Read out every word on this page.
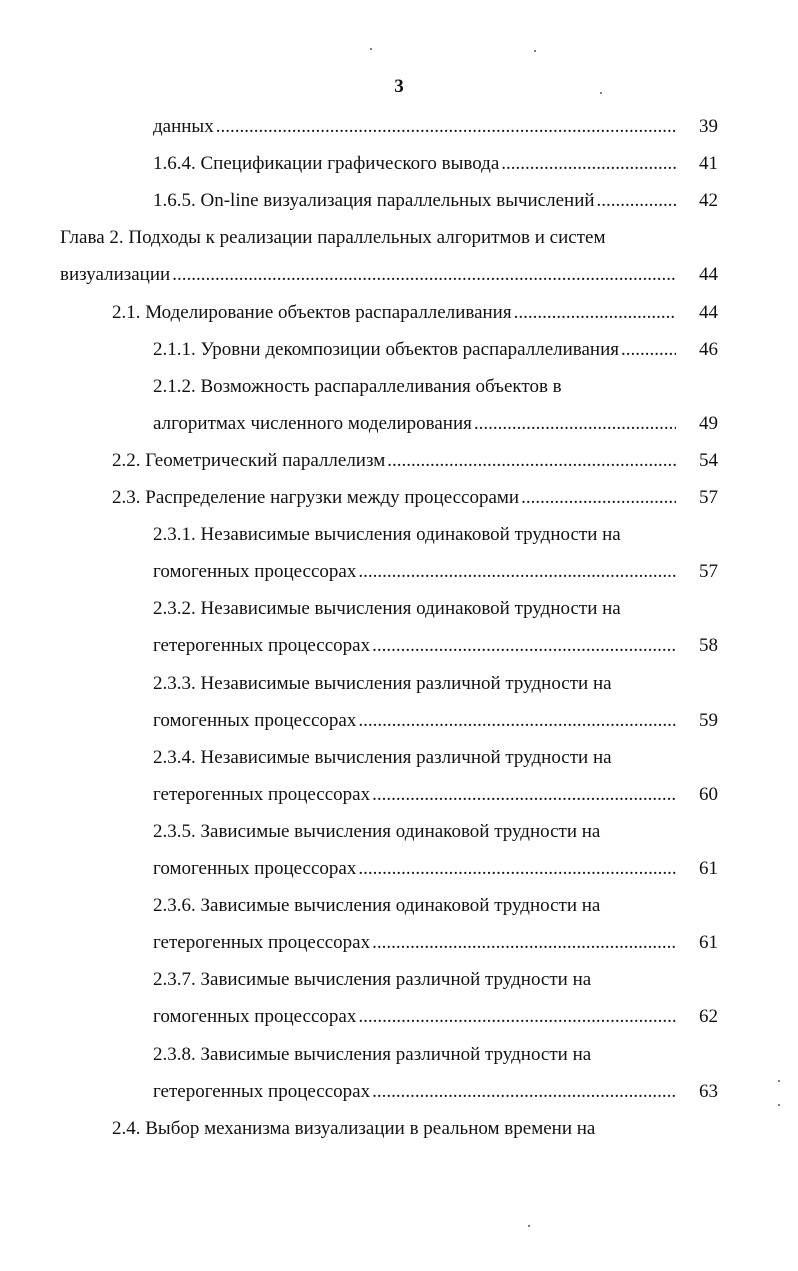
3
данных .....	39
1.6.4. Спецификации графического вывода .....	41
1.6.5. On-line визуализация параллельных вычислений .....	42
Глава 2. Подходы к реализации параллельных алгоритмов и систем
визуализации .....	44
2.1. Моделирование объектов распараллеливания .....	44
2.1.1. Уровни декомпозиции объектов распараллеливания .....	46
2.1.2. Возможность распараллеливания объектов в
алгоритмах численного моделирования .....	49
2.2. Геометрический параллелизм .....	54
2.3. Распределение нагрузки между процессорами .....	57
2.3.1. Независимые вычисления одинаковой трудности на
гомогенных процессорах .....	57
2.3.2. Независимые вычисления одинаковой трудности на
гетерогенных процессорах .....	58
2.3.3. Независимые вычисления различной трудности на
гомогенных процессорах .....	59
2.3.4. Независимые вычисления различной трудности на
гетерогенных процессорах .....	60
2.3.5. Зависимые вычисления одинаковой трудности на
гомогенных процессорах .....	61
2.3.6. Зависимые вычисления одинаковой трудности на
гетерогенных процессорах .....	61
2.3.7. Зависимые вычисления различной трудности на
гомогенных процессорах .....	62
2.3.8. Зависимые вычисления различной трудности на
гетерогенных процессорах .....	63
2.4. Выбор механизма визуализации в реальном времени на
